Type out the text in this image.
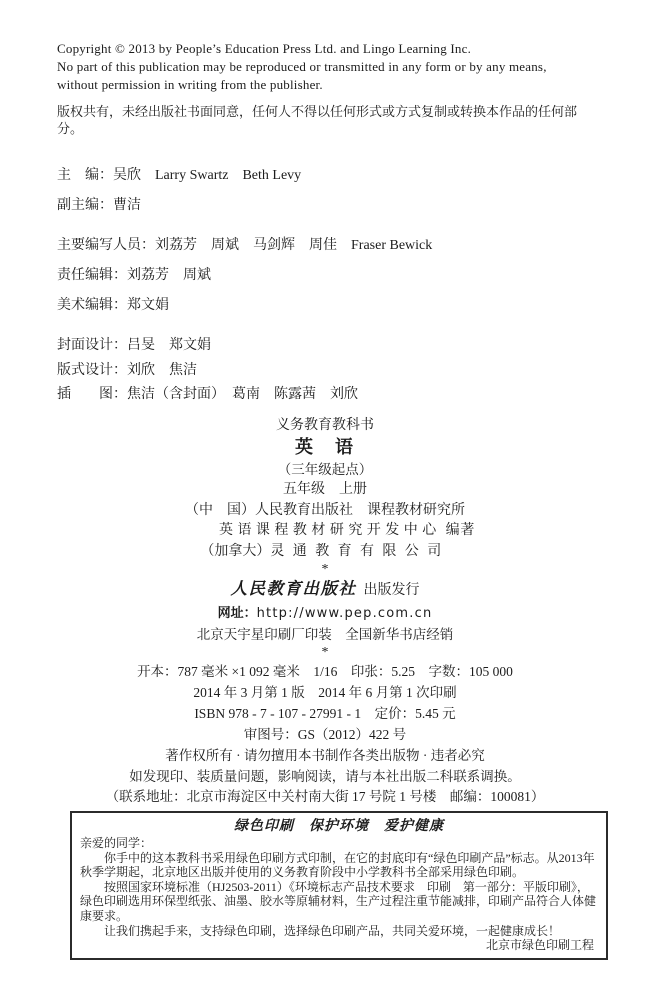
Copyright © 2013 by People’s Education Press Ltd. and Lingo Learning Inc.
No part of this publication may be reproduced or transmitted in any form or by any means,
without permission in writing from the publisher.
版权共有，未经出版社书面同意，任何人不得以任何形式或方式复制或转换本作品的任何部分。
主　编：吴欣　Larry Swartz　Beth Levy
副主编：曹洁
主要编写人员：刘荔芳　周斌　马剑辉　周佳　Fraser Bewick
责任编辑：刘荔芳　周斌
美术编辑：郑文娟
封面设计：吕旻　郑文娟
版式设计：刘欣　焦洁
插　　图：焦洁（含封面）　葛南　陈露茜　刘欣
义务教育教科书
英　语
（三年级起点）
五年级　上册
（中　国）人民教育出版社　课程教材研究所
英语课程教材研究开发中心 编著
（加拿大）灵通教育有限公司
*
人民教育出版社 出版发行
网址：http://www.pep.com.cn
北京天宇星印刷厂印装　全国新华书店经销
*
开本：787 毫米 ×1 092 毫米　1/16　印张：5.25　字数：105 000
2014 年 3 月第 1 版　2014 年 6 月第 1 次印刷
ISBN 978 - 7 - 107 - 27991 - 1　定价：5.45 元
审图号：GS（2012）422 号
著作权所有 · 请勿擅用本书制作各类出版物 · 违者必究
如发现印、装质量问题，影响阅读，请与本社出版二科联系调换。
（联系地址：北京市海淀区中关村南大街 17 号院 1 号楼　邮编：100081）
绿色印刷　保护环境　爱护健康

亲爱的同学：

你手中的这本教科书采用绿色印刷方式印制，在它的封底印有“绿色印刷产品”标志。从2013年秋季学期起，北京地区出版并使用的义务教育阶段中小学教科书全部采用绿色印刷。

按照国家环境标准（HJ2503-2011）《环境标志产品技术要求　印刷　第一部分：平版印刷》，绿色印刷选用环保型纸张、油墨、胶水等原辅材料，生产过程注重节能减排，印刷产品符合人体健康要求。

让我们携起手来，支持绿色印刷，选择绿色印刷产品，共同关爱环境，一起健康成长！

北京市绿色印刷工程
